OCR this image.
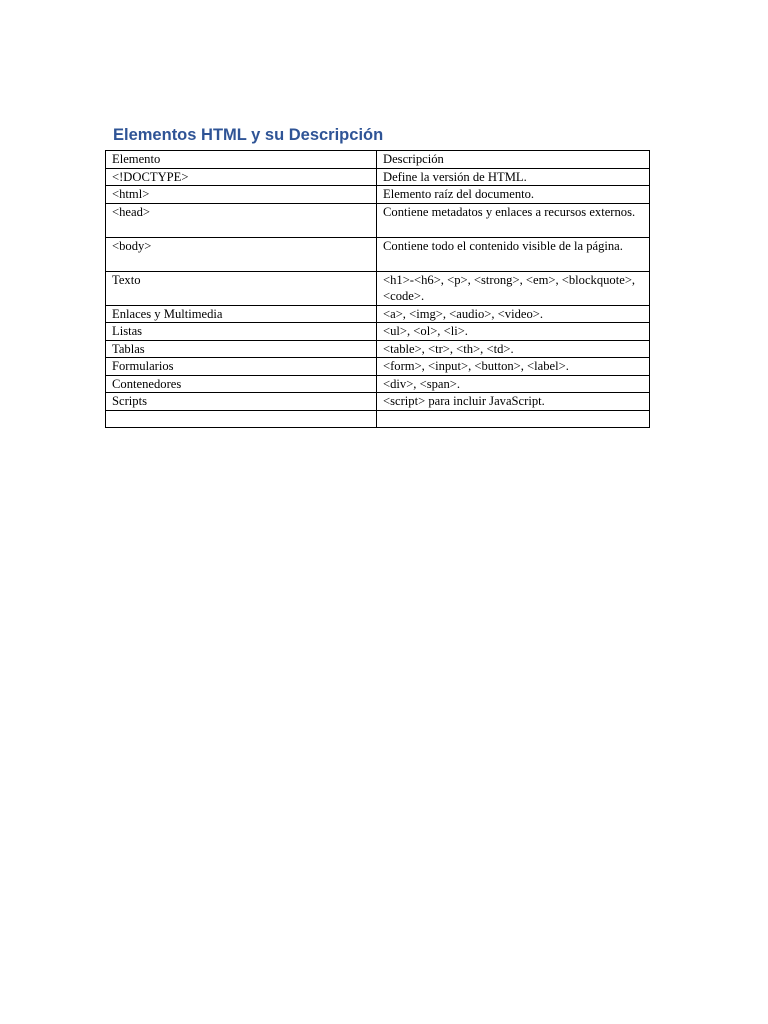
Elementos HTML y su Descripción
Elemento	Descripción
<!DOCTYPE>	Define la versión de HTML.
<html>	Elemento raíz del documento.
<head>	Contiene metadatos y enlaces a recursos externos.
<body>	Contiene todo el contenido visible de la página.
Texto	<h1>-<h6>, <p>, <strong>, <em>, <blockquote>, <code>.
Enlaces y Multimedia	<a>, <img>, <audio>, <video>.
Listas	<ul>, <ol>, <li>.
Tablas	<table>, <tr>, <th>, <td>.
Formularios	<form>, <input>, <button>, <label>.
Contenedores	<div>, <span>.
Scripts	<script> para incluir JavaScript.
